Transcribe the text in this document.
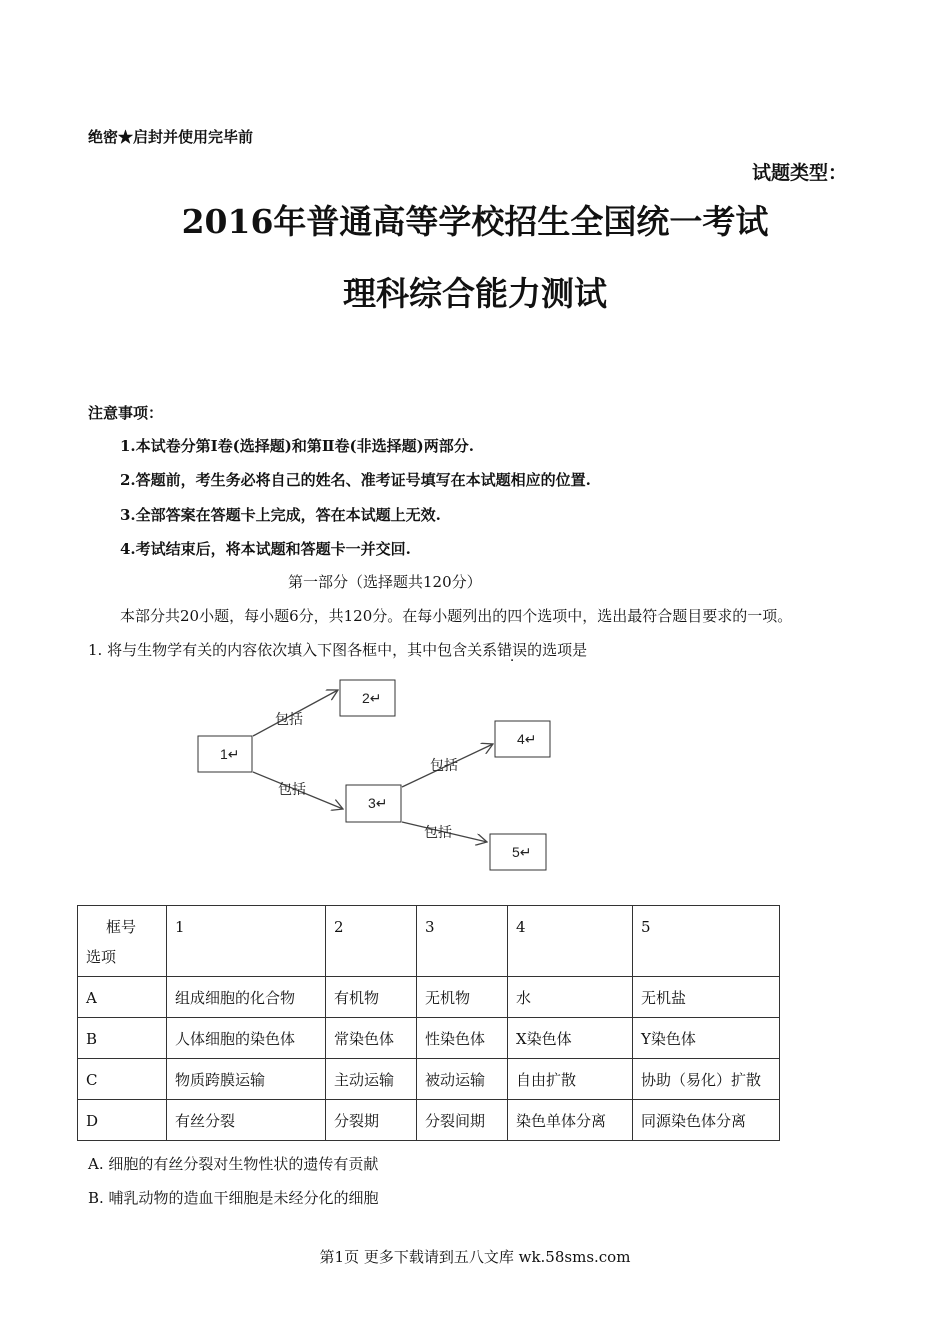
绝密★启封并使用完毕前
试题类型：
2016年普通高等学校招生全国统一考试
理科综合能力测试
注意事项：
1.本试卷分第Ⅰ卷(选择题)和第Ⅱ卷(非选择题)两部分.
2.答题前，考生务必将自己的姓名、准考证号填写在本试题相应的位置.
3.全部答案在答题卡上完成，答在本试题上无效.
4.考试结束后，将本试题和答题卡一并交回.
第一部分（选择题共120分）
本部分共20小题，每小题6分，共120分。在每小题列出的四个选项中，选出最符合题目要求的一项。
1. 将与生物学有关的内容依次填入下图各框中，其中包含关系错误的选项是
1↵
2↵
3↵
4↵
5↵
包括
包括
包括
包括
框号
选项	1	2	3	4	5
A	组成细胞的化合物	有机物	无机物	水	无机盐
B	人体细胞的染色体	常染色体	性染色体	X染色体	Y染色体
C	物质跨膜运输	主动运输	被动运输	自由扩散	协助（易化）扩散
D	有丝分裂	分裂期	分裂间期	染色单体分离	同源染色体分离
A. 细胞的有丝分裂对生物性状的遗传有贡献
B. 哺乳动物的造血干细胞是未经分化的细胞
第1页 更多下载请到五八文库 wk.58sms.com
